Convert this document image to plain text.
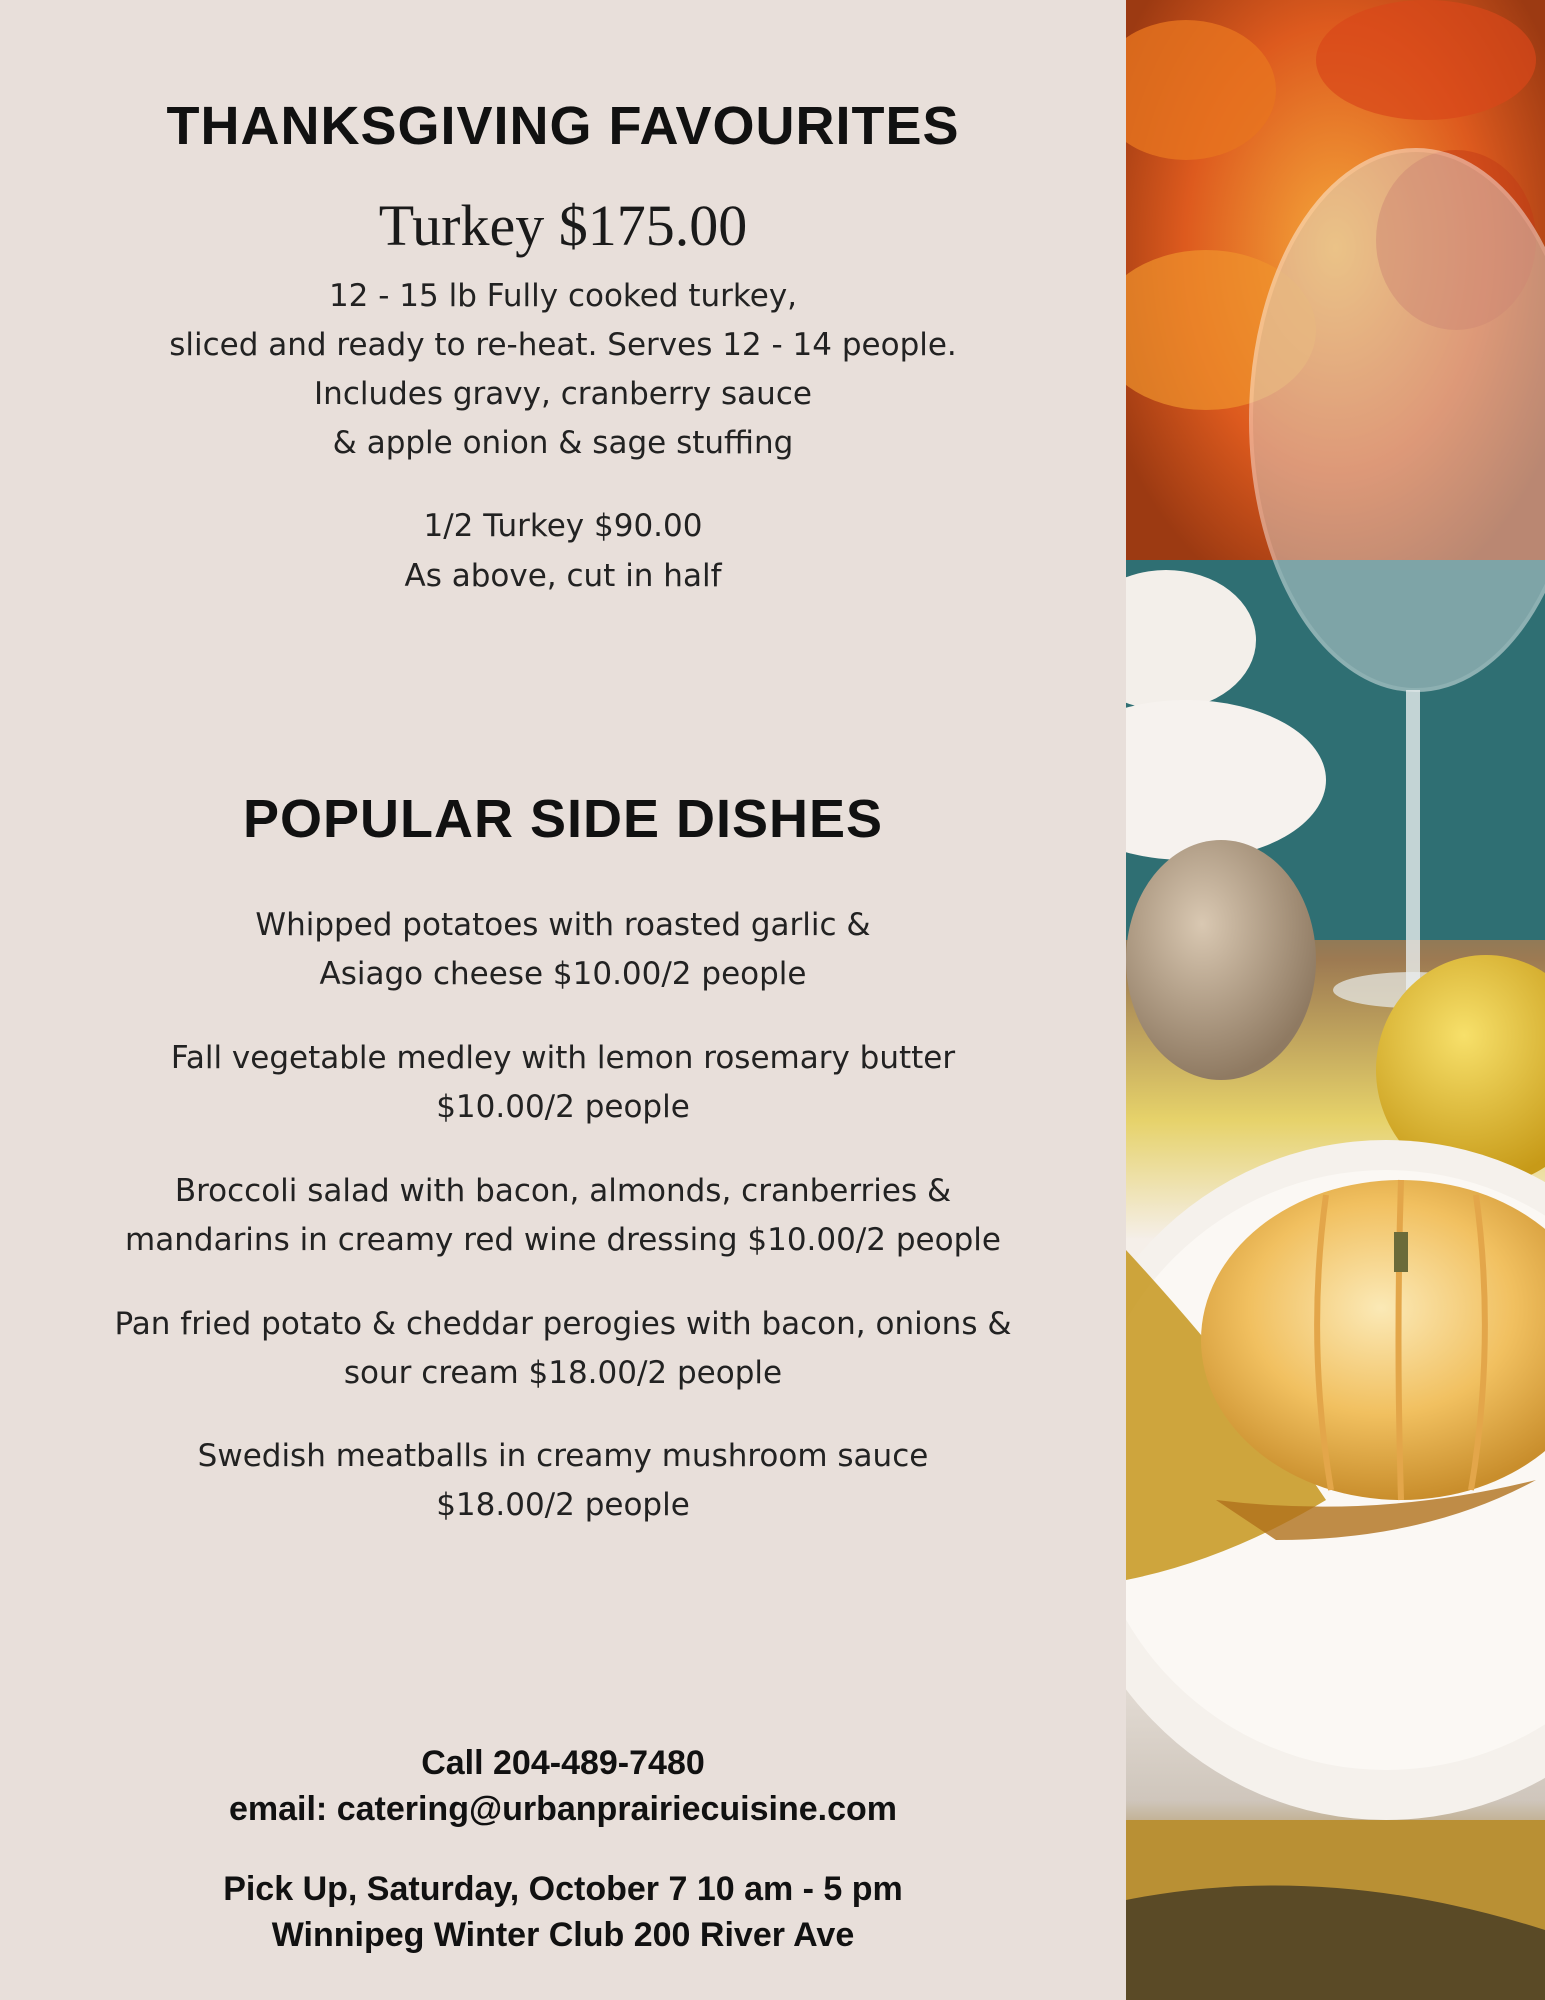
THANKSGIVING FAVOURITES
Turkey $175.00
12 - 15 lb Fully cooked turkey,
sliced and ready to re-heat. Serves 12 - 14 people.
Includes gravy, cranberry sauce
& apple onion & sage stuffing
1/2 Turkey $90.00
As above, cut in half
POPULAR SIDE DISHES
Whipped potatoes with roasted garlic &
Asiago cheese $10.00/2 people
Fall vegetable medley with lemon rosemary butter
$10.00/2 people
Broccoli salad with bacon, almonds, cranberries &
mandarins in creamy red wine dressing $10.00/2 people
Pan fried potato & cheddar perogies with bacon, onions &
sour cream $18.00/2 people
Swedish meatballs in creamy mushroom sauce
$18.00/2 people
Call 204-489-7480
email: catering@urbanprairiecuisine.com
Pick Up, Saturday, October 7 10 am - 5 pm
Winnipeg Winter Club 200 River Ave
